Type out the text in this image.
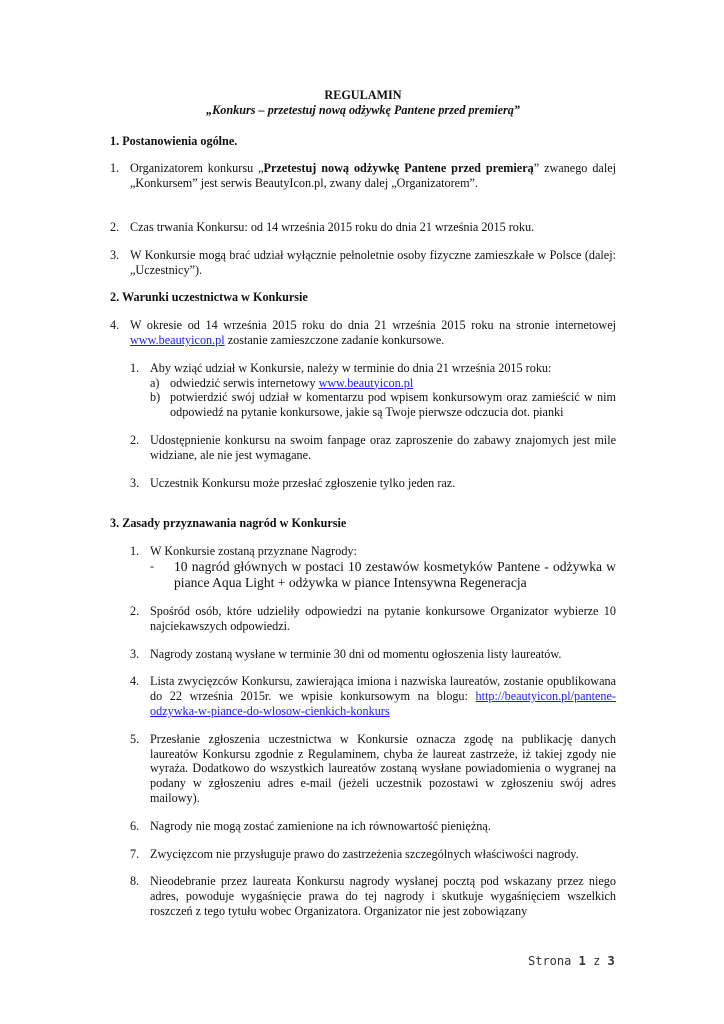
REGULAMIN
„Konkurs – przetestuj nową odżywkę Pantene przed premierą”
1. Postanowienia ogólne.
1. Organizatorem konkursu „Przetestuj nową odżywkę Pantene przed premierą” zwanego dalej „Konkursem” jest serwis BeautyIcon.pl, zwany dalej „Organizatorem”.
2. Czas trwania Konkursu: od 14 września 2015 roku do dnia 21 września 2015 roku.
3. W Konkursie mogą brać udział wyłącznie pełnoletnie osoby fizyczne zamieszkałe w Polsce (dalej: „Uczestnicy”).
2. Warunki uczestnictwa w Konkursie
4. W okresie od 14 września 2015 roku do dnia 21 września 2015 roku na stronie internetowej www.beautyicon.pl zostanie zamieszczone zadanie konkursowe.
1. Aby wziąć udział w Konkursie, należy w terminie do dnia 21 września 2015 roku:
a) odwiedzić serwis internetowy www.beautyicon.pl
b) potwierdzić swój udział w komentarzu pod wpisem konkursowym oraz zamieścić w nim odpowiedź na pytanie konkursowe, jakie są Twoje pierwsze odczucia dot. pianki
2. Udostępnienie konkursu na swoim fanpage oraz zaproszenie do zabawy znajomych jest mile widziane, ale nie jest wymagane.
3. Uczestnik Konkursu może przesłać zgłoszenie tylko jeden raz.
3. Zasady przyznawania nagród w Konkursie
1. W Konkursie zostaną przyznane Nagrody:
-	10 nagród głównych w postaci 10 zestawów kosmetyków Pantene - odżywka w piance Aqua Light + odżywka w piance Intensywna Regeneracja
2. Spośród osób, które udzieliły odpowiedzi na pytanie konkursowe Organizator wybierze 10 najciekawszych odpowiedzi.
3. Nagrody zostaną wysłane w terminie 30 dni od momentu ogłoszenia listy laureatów.
4. Lista zwycięzców Konkursu, zawierająca imiona i nazwiska laureatów, zostanie opublikowana do 22 września 2015r. we wpisie konkursowym na blogu: http://beautyicon.pl/pantene-odzywka-w-piance-do-wlosow-cienkich-konkurs
5. Przesłanie zgłoszenia uczestnictwa w Konkursie oznacza zgodę na publikację danych laureatów Konkursu zgodnie z Regulaminem, chyba że laureat zastrzeże, iż takiej zgody nie wyraża. Dodatkowo do wszystkich laureatów zostaną wysłane powiadomienia o wygranej na podany w zgłoszeniu adres e-mail (jeżeli uczestnik pozostawi w zgłoszeniu swój adres mailowy).
6. Nagrody nie mogą zostać zamienione na ich równowartość pieniężną.
7. Zwycięzcom nie przysługuje prawo do zastrzeżenia szczególnych właściwości nagrody.
8. Nieodebranie przez laureata Konkursu nagrody wysłanej pocztą pod wskazany przez niego adres, powoduje wygaśnięcie prawa do tej nagrody i skutkuje wygaśnięciem wszelkich roszczeń z tego tytułu wobec Organizatora. Organizator nie jest zobowiązany
Strona 1 z 3
